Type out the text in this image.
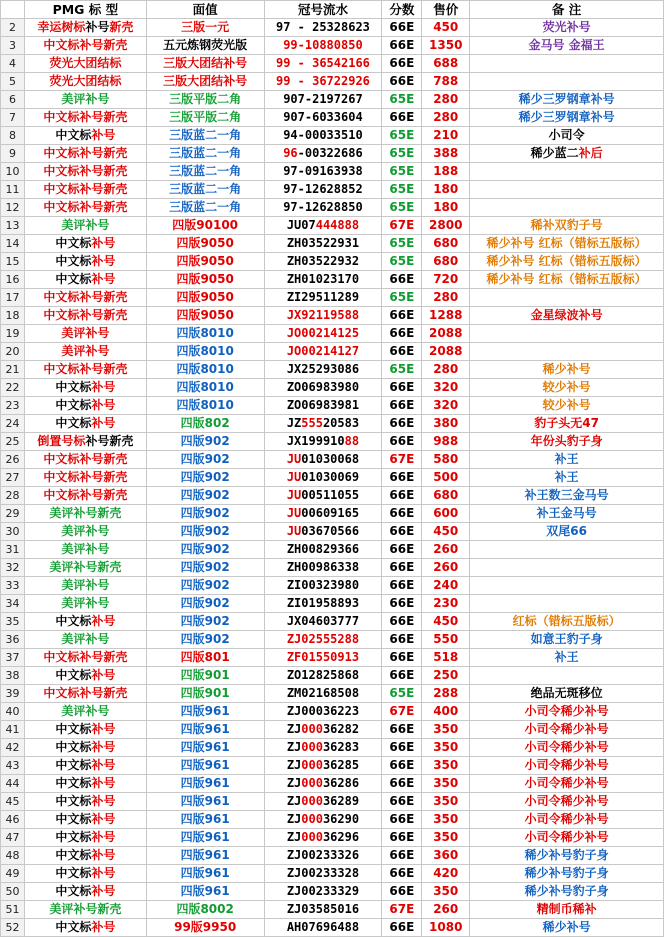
	PMG 标 型	面值	冠号流水	分数	售价	备 注
2	幸运树标补号新壳	三版一元	97 - 25328623	66E	450	荧光补号
3	中文标补号新壳	五元炼钢荧光版	99-10880850	66E	1350	金马号 金福王
4	荧光大团结标	三版大团结补号	99 - 36542166	66E	688	
5	荧光大团结标	三版大团结补号	99 - 36722926	66E	788	
6	美评补号	三版平版二角	907-2197267	65E	280	稀少三罗钢章补号
7	中文标补号新壳	三版平版二角	907-6033604	66E	280	稀少三罗钢章补号
8	中文标补号	三版蓝二一角	94-00033510	65E	210	小司令
9	中文标补号新壳	三版蓝二一角	96-00322686	65E	388	稀少蓝二补后
10	中文标补号新壳	三版蓝二一角	97-09163938	65E	188	
11	中文标补号新壳	三版蓝二一角	97-12628852	65E	180	
12	中文标补号新壳	三版蓝二一角	97-12628850	65E	180	
13	美评补号	四版90100	JU07444888	67E	2800	稀补双豹子号
14	中文标补号	四版9050	ZH03522931	65E	680	稀少补号 红标（错标五版标）
15	中文标补号	四版9050	ZH03522932	65E	680	稀少补号 红标（错标五版标）
16	中文标补号	四版9050	ZH01023170	66E	720	稀少补号 红标（错标五版标）
17	中文标补号新壳	四版9050	ZI29511289	65E	280	
18	中文标补号新壳	四版9050	JX92119588	66E	1288	金星绿波补号
19	美评补号	四版8010	JO00214125	66E	2088	
20	美评补号	四版8010	JO00214127	66E	2088	
21	中文标补号新壳	四版8010	JX25293086	65E	280	稀少补号
22	中文标补号	四版8010	ZO06983980	66E	320	较少补号
23	中文标补号	四版8010	ZO06983981	66E	320	较少补号
24	中文标补号	四版802	JZ55520583	66E	380	豹子头无47
25	倒置号标补号新壳	四版902	JX19991088	66E	988	年份头豹子身
26	中文标补号新壳	四版902	JU01030068	67E	580	补王
27	中文标补号新壳	四版902	JU01030069	66E	500	补王
28	中文标补号新壳	四版902	JU00511055	66E	680	补王数三金马号
29	美评补号新壳	四版902	JU00609165	66E	600	补王金马号
30	美评补号	四版902	JU03670566	66E	450	双尾66
31	美评补号	四版902	ZH00829366	66E	260	
32	美评补号新壳	四版902	ZH00986338	66E	260	
33	美评补号	四版902	ZI00323980	66E	240	
34	美评补号	四版902	ZI01958893	66E	230	
35	中文标补号	四版902	JX04603777	66E	450	红标（错标五版标）
36	美评补号	四版902	ZJ02555288	66E	550	如意王豹子身
37	中文标补号新壳	四版801	ZF01550913	66E	518	补王
38	中文标补号	四版901	ZO12825868	66E	250	
39	中文标补号新壳	四版901	ZM02168508	65E	288	绝品无斑移位
40	美评补号	四版961	ZJ00036223	67E	400	小司令稀少补号
41	中文标补号	四版961	ZJ00036282	66E	350	小司令稀少补号
42	中文标补号	四版961	ZJ00036283	66E	350	小司令稀少补号
43	中文标补号	四版961	ZJ00036285	66E	350	小司令稀少补号
44	中文标补号	四版961	ZJ00036286	66E	350	小司令稀少补号
45	中文标补号	四版961	ZJ00036289	66E	350	小司令稀少补号
46	中文标补号	四版961	ZJ00036290	66E	350	小司令稀少补号
47	中文标补号	四版961	ZJ00036296	66E	350	小司令稀少补号
48	中文标补号	四版961	ZJ00233326	66E	360	稀少补号豹子身
49	中文标补号	四版961	ZJ00233328	66E	420	稀少补号豹子身
50	中文标补号	四版961	ZJ00233329	66E	350	稀少补号豹子身
51	美评补号新壳	四版8002	ZJ03585016	67E	260	精制币稀补
52	中文标补号	99版9950	AH07696488	66E	1080	稀少补号
